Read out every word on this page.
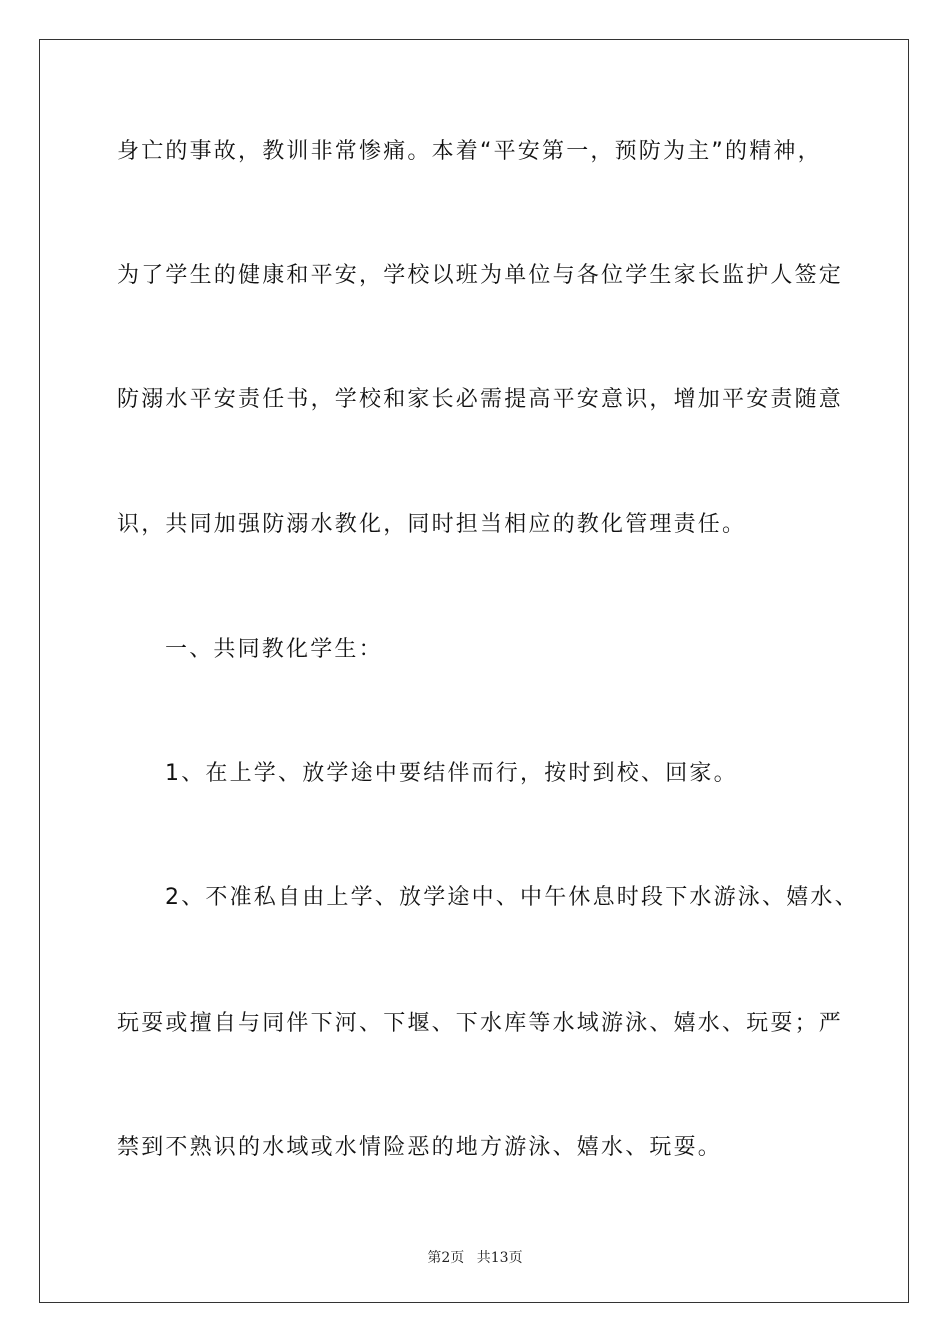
身亡的事故，教训非常惨痛。本着“平安第一，预防为主”的精神，
为了学生的健康和平安，学校以班为单位与各位学生家长监护人签定
防溺水平安责任书，学校和家长必需提高平安意识，增加平安责随意
识，共同加强防溺水教化，同时担当相应的教化管理责任。
一、共同教化学生：
1、在上学、放学途中要结伴而行，按时到校、回家。
2、不准私自由上学、放学途中、中午休息时段下水游泳、嬉水、
玩耍或擅自与同伴下河、下堰、下水库等水域游泳、嬉水、玩耍；严
禁到不熟识的水域或水情险恶的地方游泳、嬉水、玩耍。
第2页 共13页
